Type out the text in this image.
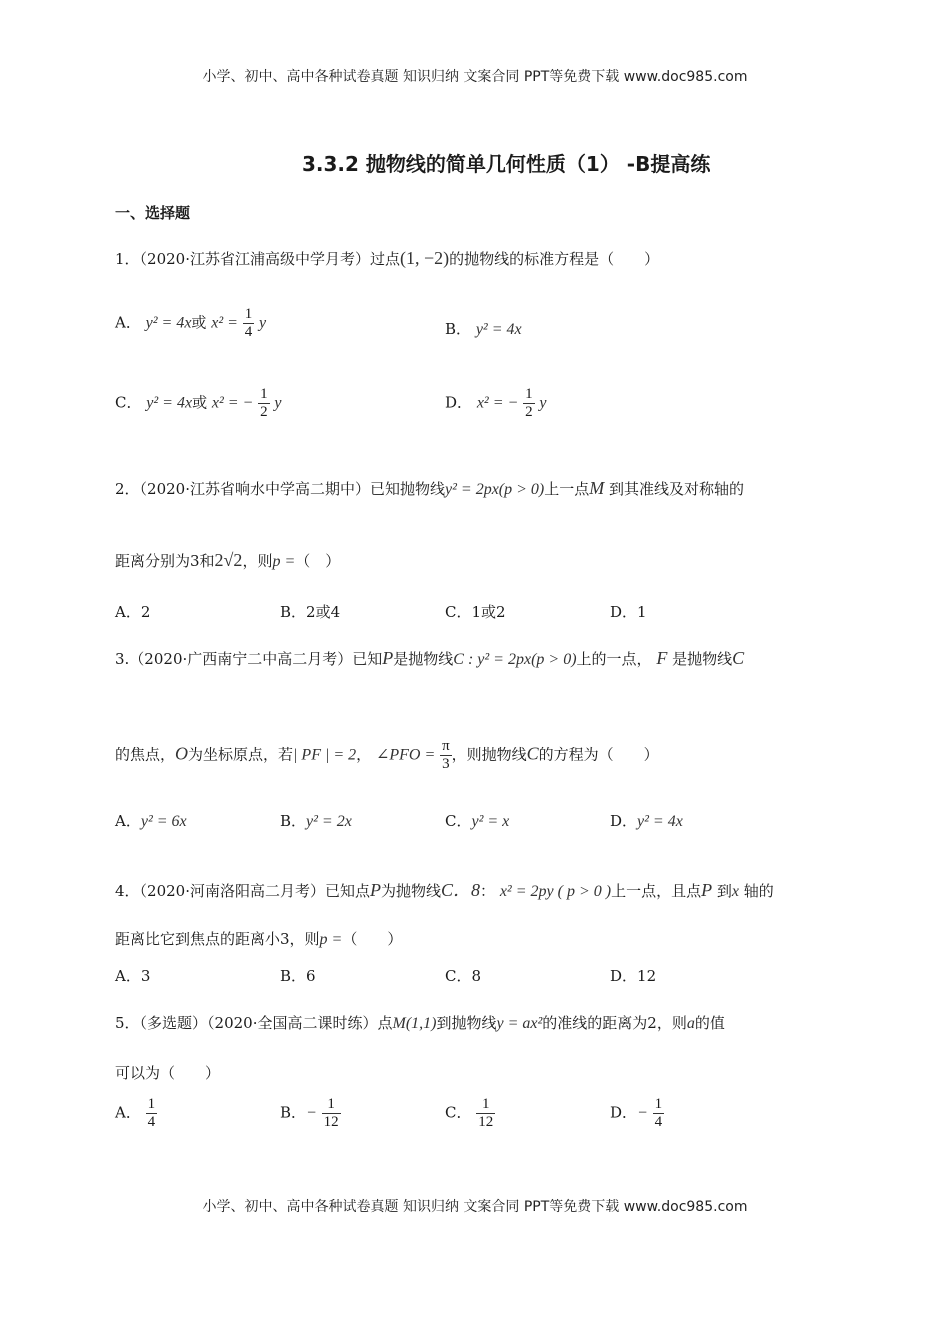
小学、初中、高中各种试卷真题 知识归纳 文案合同 PPT等免费下载 www.doc985.com
3.3.2 抛物线的简单几何性质（1） -B提高练
一、选择题
1．（2020·江苏省江浦高级中学月考）过点(1, −2)的抛物线的标准方程是（　　）
A． y² = 4x或 $x^2 = \frac{1}{4}$ y	B． y² = 4x
C． y² = 4x或 x² = − $\frac{1}{2}$ y	D． x² = − $\frac{1}{2}$ y
2．（2020·江苏省响水中学高二期中）已知抛物线y² = 2px(p > 0)上一点M 到其准线及对称轴的
距离分别为3和2√2，则p =（　）
A．2	B．2或4	C．1或2	D．1
3.（2020·广西南宁二中高二月考）已知P是抛物线C : y² = 2px(p > 0)上的一点， F 是抛物线C
的焦点，O为坐标原点，若| PF | = 2， ∠PFO = $\frac{\pi}{3}$ ，则抛物线C的方程为（　　）
A．y² = 6x	B．y² = 2x	C．y² = x	D．y² = 4x
4．（2020·河南洛阳高二月考）已知点P为抛物线C．8： x² = 2py ( p > 0 )上一点，且点P 到x 轴的
距离比它到焦点的距离小3，则p =（　　）
A．3	B．6	C．8	D．12
5．（多选题）（2020·全国高二课时练）点M(1,1)到抛物线y = ax²的准线的距离为2，则a的值
可以为（　　）
A． $\frac{1}{4}$	B．− $\frac{1}{12}$	C． $\frac{1}{12}$	D．− $\frac{1}{4}$
小学、初中、高中各种试卷真题 知识归纳 文案合同 PPT等免费下载 www.doc985.com
